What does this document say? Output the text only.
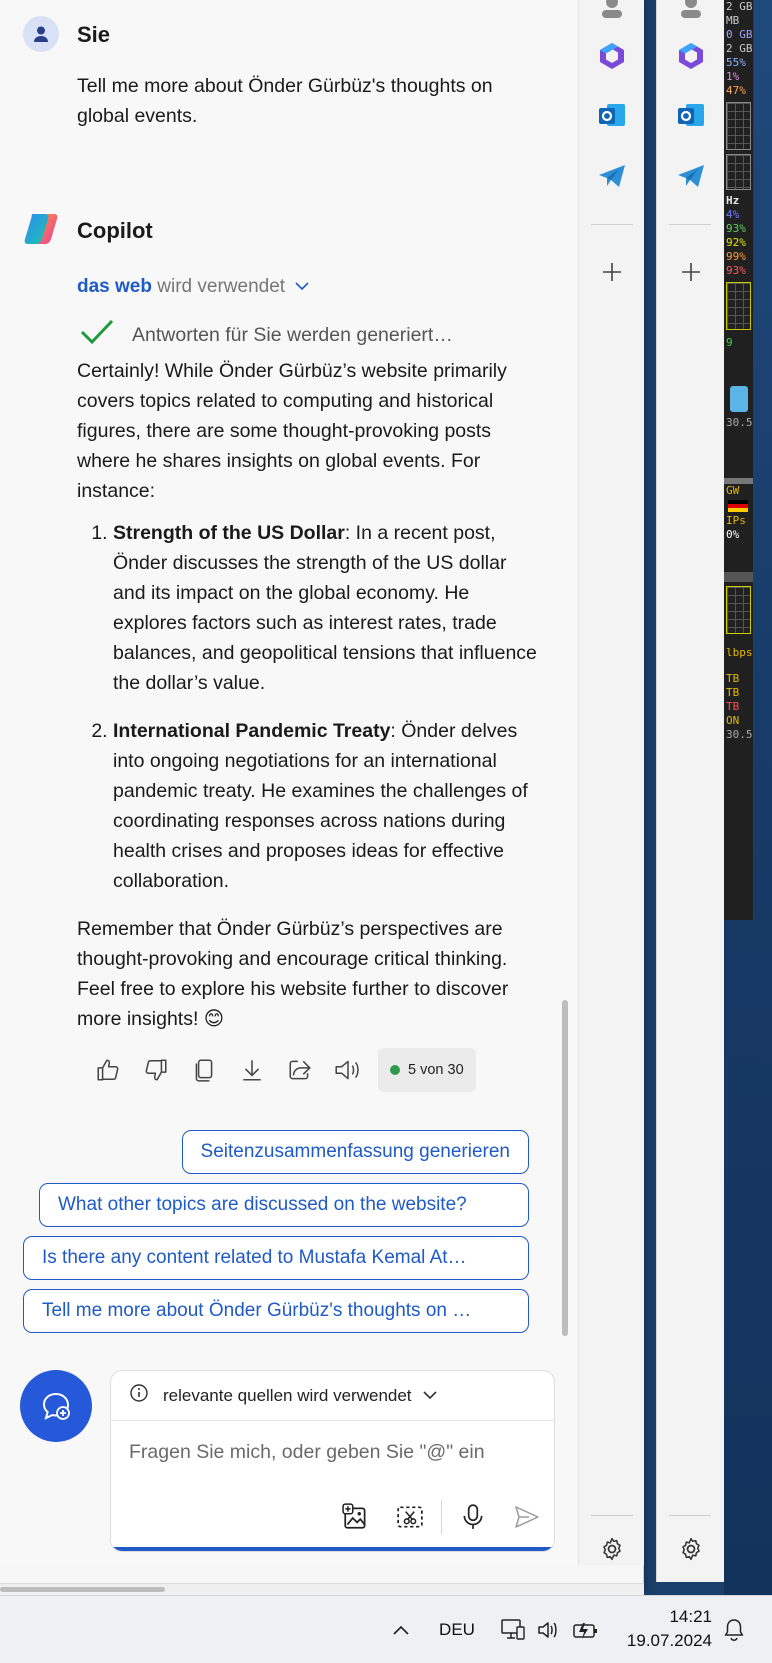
2 GB
MB
0 GB
2 GB
55%
1%
47%
Hz
4%
93%
92%
99%
93%
9
30.5
GW
IPs
0%
lbps
TB
TB
TB
ON
30.5
Sie
Tell me more about Önder Gürbüz's thoughts on global events.
Copilot
das web wird verwendet
Antworten für Sie werden generiert…

Certainly! While Önder Gürbüz’s website primarily covers topics related to computing and historical figures, there are some thought-provoking posts where he shares insights on global events. For instance:

1. Strength of the US Dollar: In a recent post, Önder discusses the strength of the US dollar and its impact on the global economy. He explores factors such as interest rates, trade balances, and geopolitical tensions that influence the dollar’s value.
2. International Pandemic Treaty: Önder delves into ongoing negotiations for an international pandemic treaty. He examines the challenges of coordinating responses across nations during health crises and proposes ideas for effective collaboration.

Remember that Önder Gürbüz’s perspectives are thought-provoking and encourage critical thinking. Feel free to explore his website further to discover more insights! 😊

5 von 30
Seitenzusammenfassung generieren
What other topics are discussed on the website?
Is there any content related to Mustafa Kemal At…
Tell me more about Önder Gürbüz's thoughts on …
relevante quellen wird verwendet
Fragen Sie mich, oder geben Sie "@" ein
DEU
14:21
19.07.2024
